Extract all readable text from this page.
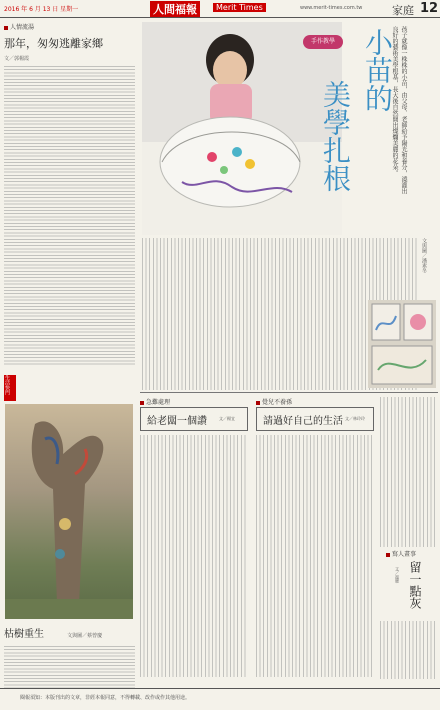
2016 年 6 月 13 日 星期一	人間福報	Merit Times	www.merit-times.com.tw	家庭 12
人情流湯
那年，匆匆逃離家鄉
文／郭楊霞
生活快門
枯樹重生	文與圖／蔡曾慶
手作教學 小苗的
美學扎根	孩子就像一株株的小苗，由父母、老師給予陽光和養分，澆灌出良好的藝術美學根基，長大後自然開出燦爛美麗的花朵。
文與圖／潘素冬
急難處理
給老闆一個讚	文／楊宜
覺兒不養孫
請過好自己的生活 文／林玲玲
寫人畫事
留一點灰
文／溫暖
閱報須知：本版刊出的文章，非經本報同意，不得轉載、改作或作其他用途。
